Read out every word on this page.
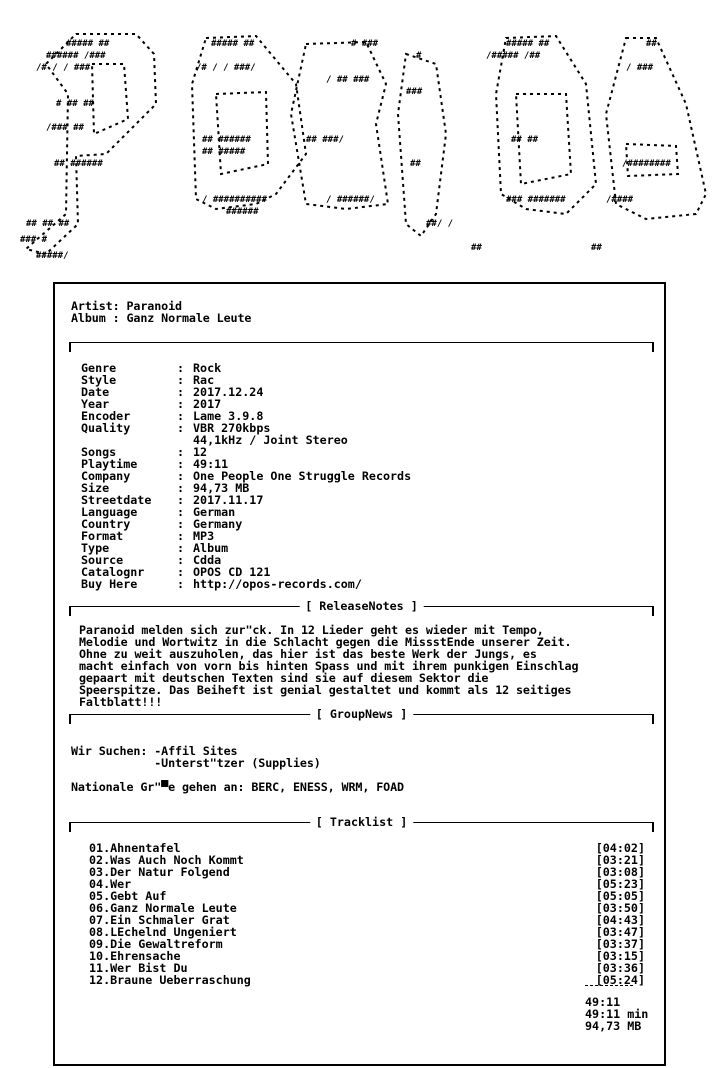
##### ##
###### /###
/# / / ###
# ## ##
/### ##
## ######
## ## ##
### #
#####/
##### ##
/# / / ###/
## ######
## #####
/ ##########
######
# ###
/ ## ###
## ###/
/ ######/
#
###
##
##/ /
##### ##
/##### /##
## ##
### #######
##
##
/ ###
/########
/####
##
Artist: Paranoid
Album : Ganz Normale Leute
Genre	: Rock
Style	: Rac
Date	: 2017.12.24
Year	: 2017
Encoder	: Lame 3.9.8
Quality	: VBR 270kbps
44,1kHz / Joint Stereo
Songs	: 12
Playtime	: 49:11
Company	: One People One Struggle Records
Size	: 94,73 MB
Streetdate	: 2017.11.17
Language	: German
Country	: Germany
Format	: MP3
Type	: Album
Source	: Cdda
Catalognr	: OPOS CD 121
Buy Here	: http://opos-records.com/
[ ReleaseNotes ]
Paranoid melden sich zur"ck. In 12 Lieder geht es wieder mit Tempo,
Melodie und Wortwitz in die Schlacht gegen die MissstEnde unserer Zeit.
Ohne zu weit auszuholen, das hier ist das beste Werk der Jungs, es
macht einfach von vorn bis hinten Spass und mit ihrem punkigen Einschlag
gepaart mit deutschen Texten sind sie auf diesem Sektor die
Speerspitze. Das Beiheft ist genial gestaltet und kommt als 12 seitiges
Faltblatt!!!
[ GroupNews ]
Wir Suchen: -Affil Sites
-Unterst"tzer (Supplies)
Nationale Gr"▀e gehen an: BERC, ENESS, WRM, FOAD
[ Tracklist ]
01.Ahnentafel	[04:02]
02.Was Auch Noch Kommt	[03:21]
03.Der Natur Folgend	[03:08]
04.Wer	[05:23]
05.Gebt Auf	[05:05]
06.Ganz Normale Leute	[03:50]
07.Ein Schmaler Grat	[04:43]
08.LEchelnd Ungeniert	[03:47]
09.Die Gewaltreform	[03:37]
10.Ehrensache	[03:15]
11.Wer Bist Du	[03:36]
12.Braune Ueberraschung	[05:24]
49:11
49:11 min
94,73 MB
